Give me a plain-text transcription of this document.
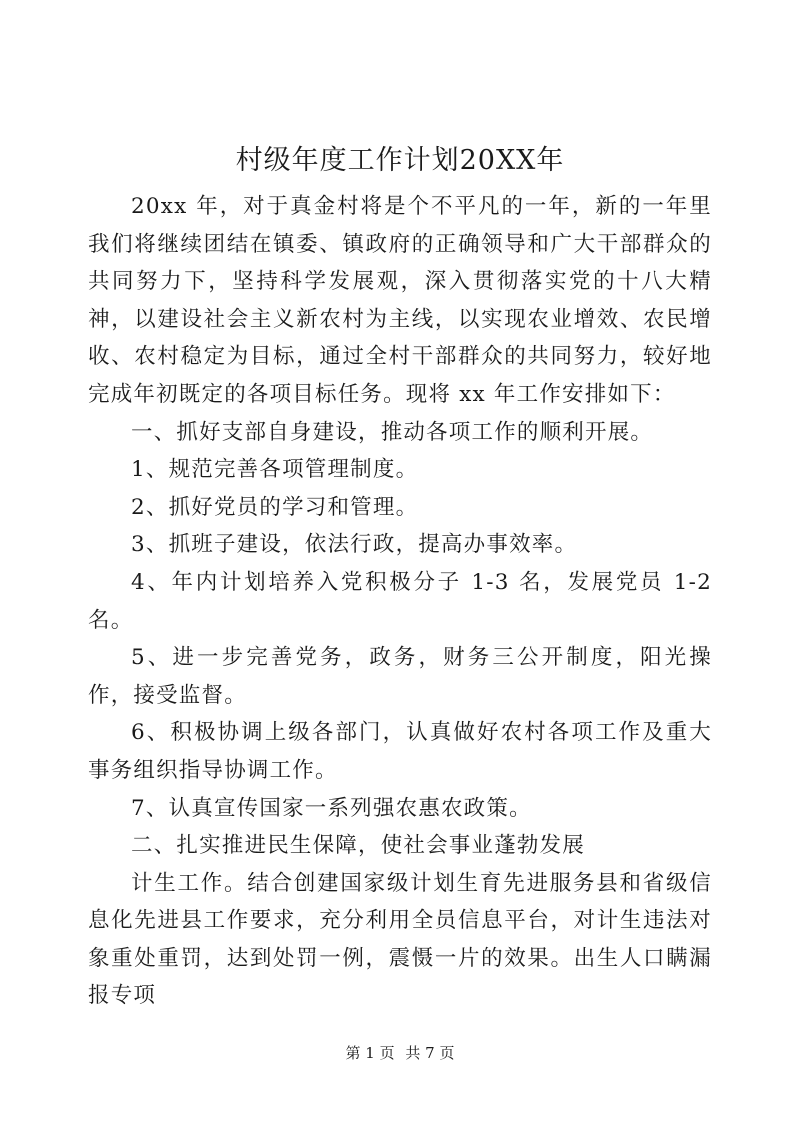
村级年度工作计划20XX年

20xx 年，对于真金村将是个不平凡的一年，新的一年里我们将继续团结在镇委、镇政府的正确领导和广大干部群众的共同努力下，坚持科学发展观，深入贯彻落实党的十八大精神，以建设社会主义新农村为主线，以实现农业增效、农民增收、农村稳定为目标，通过全村干部群众的共同努力，较好地完成年初既定的各项目标任务。现将 xx 年工作安排如下：

一、抓好支部自身建设，推动各项工作的顺利开展。

1、规范完善各项管理制度。

2、抓好党员的学习和管理。

3、抓班子建设，依法行政，提高办事效率。

4、年内计划培养入党积极分子 1-3 名，发展党员 1-2 名。

5、进一步完善党务，政务，财务三公开制度，阳光操作，接受监督。

6、积极协调上级各部门，认真做好农村各项工作及重大事务组织指导协调工作。

7、认真宣传国家一系列强农惠农政策。

二、扎实推进民生保障，使社会事业蓬勃发展

计生工作。结合创建国家级计划生育先进服务县和省级信息化先进县工作要求，充分利用全员信息平台，对计生违法对象重处重罚，达到处罚一例，震慑一片的效果。出生人口瞒漏报专项

第 1 页 共 7 页
